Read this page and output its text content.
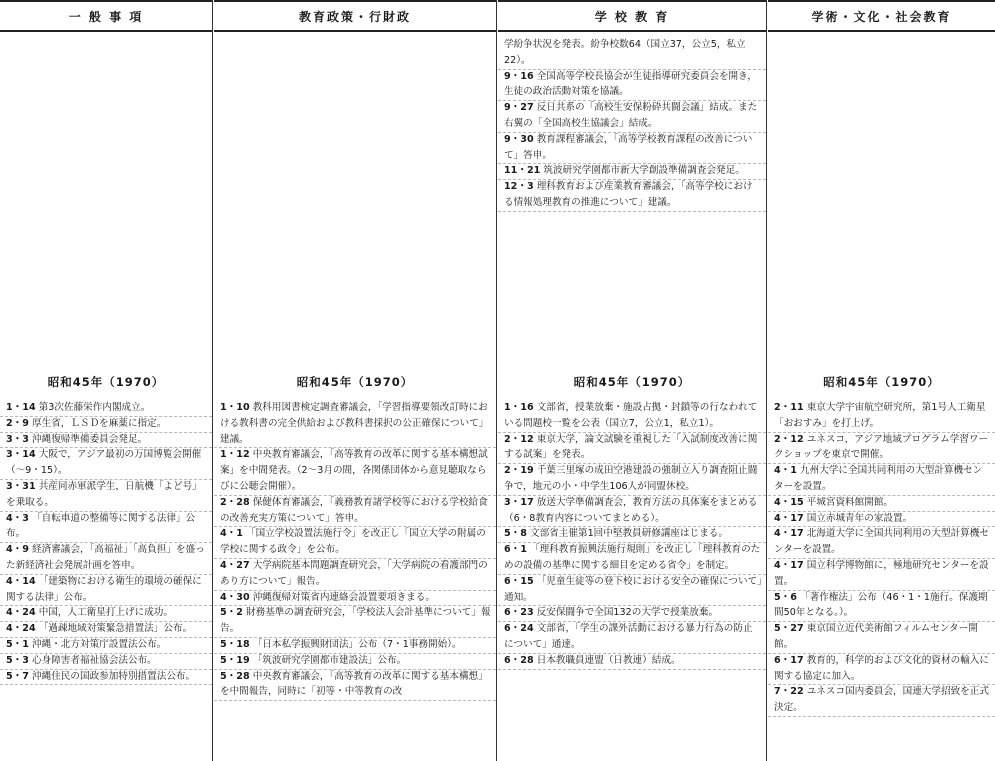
一 般 事 項
昭和45年（1970）
1・14 第3次佐藤栄作内閣成立。
2・9 厚生省，ＬＳＤを麻薬に指定。
3・3 沖縄復帰準備委員会発足。
3・14 大阪で，アジア最初の万国博覧会開催（〜9・15）。
3・31 共産同赤軍派学生，日航機「よど号」を乗取る。
4・3 「自転車道の整備等に関する法律」公布。
4・9 経済審議会，「高福祉」「高負担」を盛った新経済社会発展計画を答申。
4・14 「建築物における衛生的環境の確保に関する法律」公布。
4・24 中国，人工衛星打上げに成功。
4・24 「過疎地域対策緊急措置法」公布。
5・1 沖縄・北方対策庁設置法公布。
5・3 心身障害者福祉協会法公布。
5・7 沖縄住民の国政参加特別措置法公布。
教育政策・行財政
昭和45年（1970）
1・10 教科用図書検定調査審議会，「学習指導要領改訂時における教科書の完全供給および教科書採択の公正確保について」建議。
1・12 中央教育審議会，「高等教育の改革に関する基本構想試案」を中間発表。（2〜3月の間，各関係団体から意見聴取ならびに公聴会開催）。
2・28 保健体育審議会，「義務教育諸学校等における学校給食の改善充実方策について」答申。
4・1 「国立学校設置法施行令」を改正し「国立大学の附属の学校に関する政令」を公布。
4・27 大学病院基本問題調査研究会，「大学病院の看護部門のあり方について」報告。
4・30 沖縄復帰対策省内連絡会設置要項きまる。
5・2 財務基準の調査研究会，「学校法人会計基準について」報告。
5・18 「日本私学振興財団法」公布（7・1事務開始）。
5・19 「筑波研究学園都市建設法」公布。
5・28 中央教育審議会，「高等教育の改革に関する基本構想」を中間報告，同時に「初等・中等教育の改
学 校 教 育
学紛争状況を発表。紛争校数64（国立37，公立5，私立22）。
9・16 全国高等学校長協会が生徒指導研究委員会を開き，生徒の政治活動対策を協議。
9・27 反日共系の「高校生安保粉砕共闘会議」結成。また右翼の「全国高校生協議会」結成。
9・30 教育課程審議会，「高等学校教育課程の改善について」答申。
11・21 筑波研究学園都市新大学創設準備調査会発足。
12・3 理科教育および産業教育審議会，「高等学校における情報処理教育の推進について」建議。
昭和45年（1970）
1・16 文部省，授業放棄・施設占拠・封鎖等の行なわれている問題校一覧を公表（国立7，公立1，私立1）。
2・12 東京大学，論文試験を重視した「入試制度改善に関する試案」を発表。
2・19 千葉三里塚の成田空港建設の強制立入り調査阻止闘争で，地元の小・中学生106人が同盟休校。
3・17 放送大学準備調査会，教育方法の具体案をまとめる（6・8教育内容についてまとめる）。
5・8 文部省主催第1回中堅教員研修講座はじまる。
6・1 「理科教育振興法施行規則」を改正し「理科教育のための設備の基準に関する細目を定める省令」を制定。
6・15 「児童生徒等の登下校における安全の確保について」通知。
6・23 反安保闘争で全国132の大学で授業放棄。
6・24 文部省，「学生の課外活動における暴力行為の防止について」通達。
6・28 日本教職員連盟（日教連）結成。
学術・文化・社会教育
昭和45年（1970）
2・11 東京大学宇宙航空研究所，第1号人工衛星「おおすみ」を打上げ。
2・12 ユネスコ，アジア地域プログラム学習ワークショップを東京で開催。
4・1 九州大学に全国共同利用の大型計算機センターを設置。
4・15 平城宮資料館開館。
4・17 国立赤城青年の家設置。
4・17 北海道大学に全国共同利用の大型計算機センターを設置。
4・17 国立科学博物館に，極地研究センターを設置。
5・6 「著作権法」公布（46・1・1施行。保護期間50年となる。）。
5・27 東京国立近代美術館フィルムセンター開館。
6・17 教育的，科学的および文化的資材の輸入に関する協定に加入。
7・22 ユネスコ国内委員会，国連大学招致を正式決定。
